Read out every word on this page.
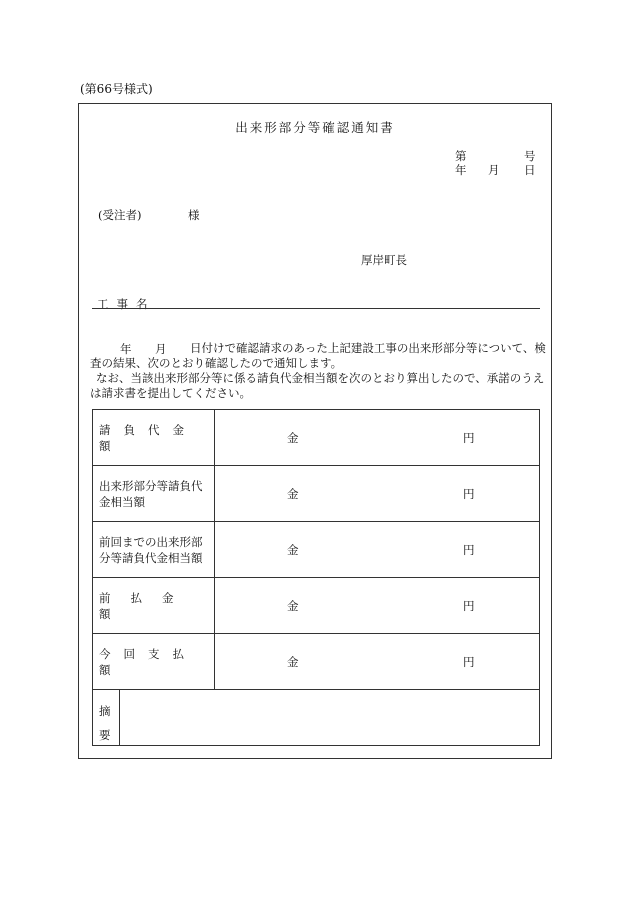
(第66号様式)
出来形部分等確認通知書
第	号
年 月 日
(受注者)	様
厚岸町長
工事名
年 月	日付けで確認請求のあった上記建設工事の出来形部分等について、検査の結果、次のとおり確認したので通知します。
なお、当該出来形部分等に係る請負代金相当額を次のとおり算出したので、承諾のうえは請求書を提出してください。
請負代金額	金 円

出来形部分等請負代金相当額	金 円

前回までの出来形部分等請負代金相当額	金 円

前払金額	金 円

今回支払額	金 円
摘要
